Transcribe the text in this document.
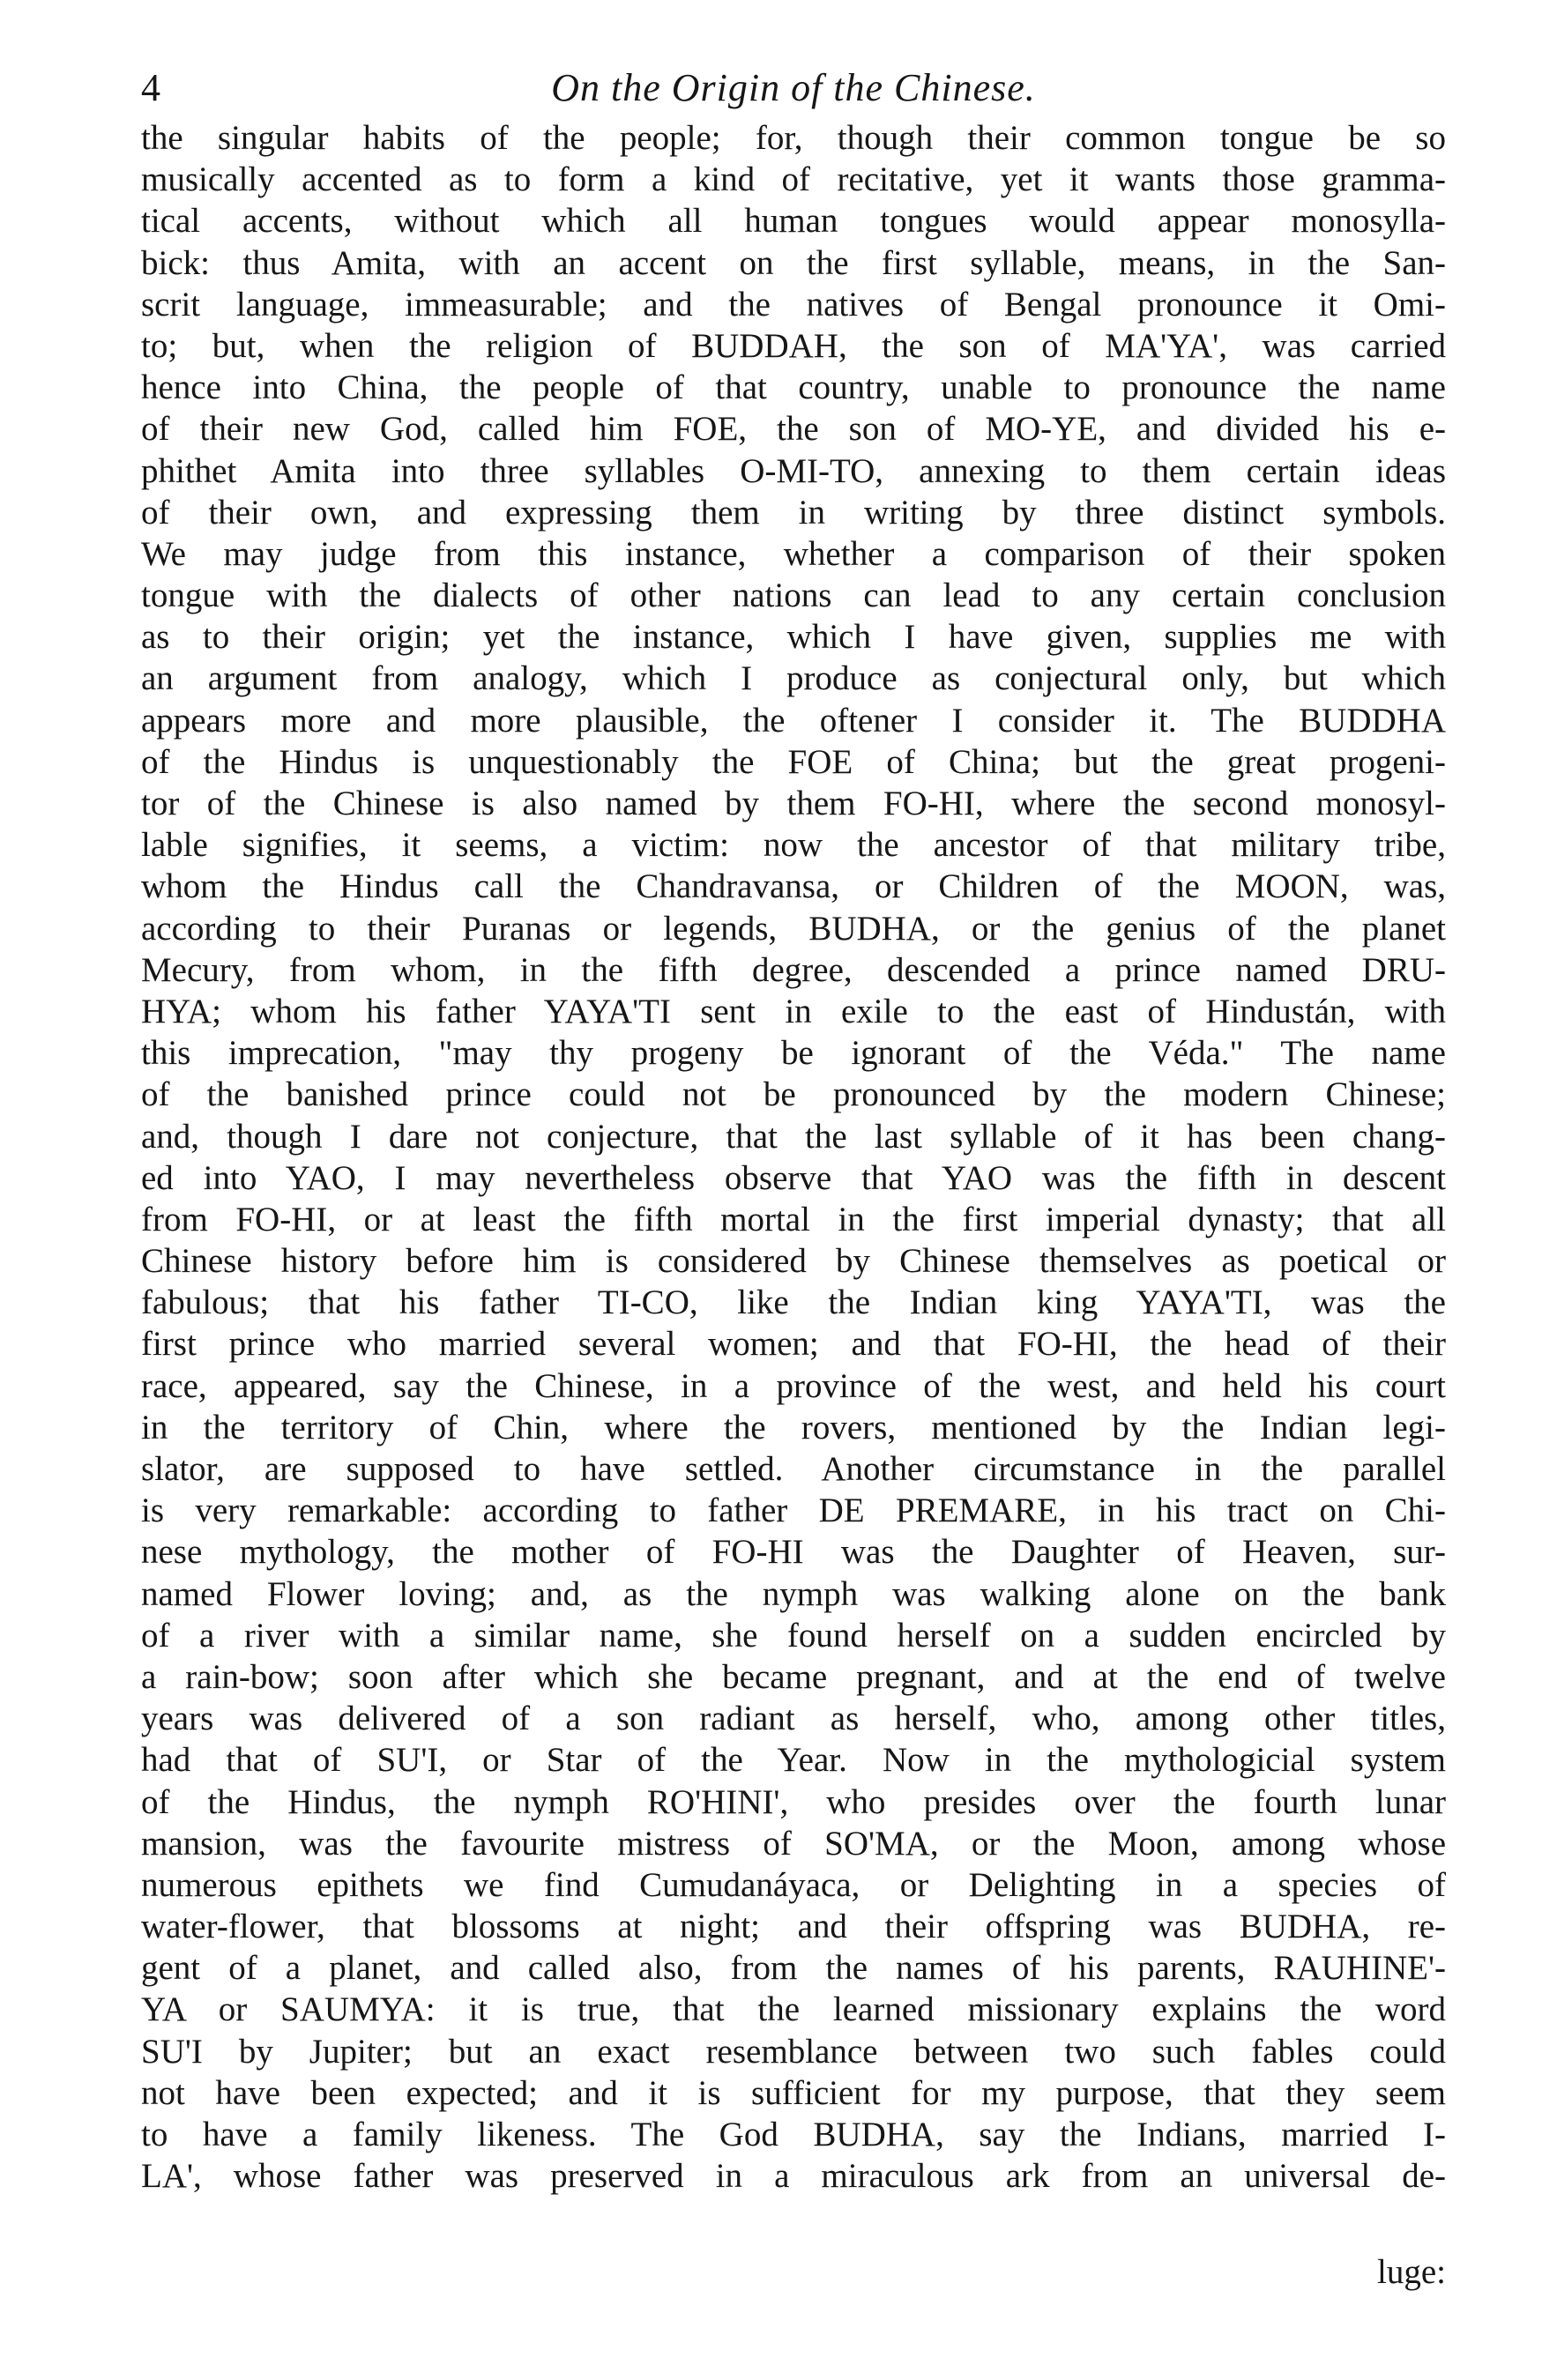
4	On the Origin of the Chinese.
the singular habits of the people; for, though their common tongue be so
musically accented as to form a kind of recitative, yet it wants those gramma-
tical accents, without which all human tongues would appear monosylla-
bick: thus Amita, with an accent on the first syllable, means, in the San-
scrit language, immeasurable; and the natives of Bengal pronounce it Omi-
to; but, when the religion of BUDDAH, the son of MA'YA', was carried
hence into China, the people of that country, unable to pronounce the name
of their new God, called him FOE, the son of MO-YE, and divided his e-
phithet Amita into three syllables O-MI-TO, annexing to them certain ideas
of their own, and expressing them in writing by three distinct symbols.
We may judge from this instance, whether a comparison of their spoken
tongue with the dialects of other nations can lead to any certain conclusion
as to their origin; yet the instance, which I have given, supplies me with
an argument from analogy, which I produce as conjectural only, but which
appears more and more plausible, the oftener I consider it. The BUDDHA
of the Hindus is unquestionably the FOE of China; but the great progeni-
tor of the Chinese is also named by them FO-HI, where the second monosyl-
lable signifies, it seems, a victim: now the ancestor of that military tribe,
whom the Hindus call the Chandravansa, or Children of the MOON, was,
according to their Puranas or legends, BUDHA, or the genius of the planet
Mecury, from whom, in the fifth degree, descended a prince named DRU-
HYA; whom his father YAYA'TI sent in exile to the east of Hindustán, with
this imprecation, "may thy progeny be ignorant of the Véda." The name
of the banished prince could not be pronounced by the modern Chinese;
and, though I dare not conjecture, that the last syllable of it has been chang-
ed into YAO, I may nevertheless observe that YAO was the fifth in descent
from FO-HI, or at least the fifth mortal in the first imperial dynasty; that all
Chinese history before him is considered by Chinese themselves as poetical or
fabulous; that his father TI-CO, like the Indian king YAYA'TI, was the
first prince who married several women; and that FO-HI, the head of their
race, appeared, say the Chinese, in a province of the west, and held his court
in the territory of Chin, where the rovers, mentioned by the Indian legi-
slator, are supposed to have settled. Another circumstance in the parallel
is very remarkable: according to father DE PREMARE, in his tract on Chi-
nese mythology, the mother of FO-HI was the Daughter of Heaven, sur-
named Flower loving; and, as the nymph was walking alone on the bank
of a river with a similar name, she found herself on a sudden encircled by
a rain-bow; soon after which she became pregnant, and at the end of twelve
years was delivered of a son radiant as herself, who, among other titles,
had that of SU'I, or Star of the Year. Now in the mythologicial system
of the Hindus, the nymph RO'HINI', who presides over the fourth lunar
mansion, was the favourite mistress of SO'MA, or the Moon, among whose
numerous epithets we find Cumudanáyaca, or Delighting in a species of
water-flower, that blossoms at night; and their offspring was BUDHA, re-
gent of a planet, and called also, from the names of his parents, RAUHINE'-
YA or SAUMYA: it is true, that the learned missionary explains the word
SU'I by Jupiter; but an exact resemblance between two such fables could
not have been expected; and it is sufficient for my purpose, that they seem
to have a family likeness. The God BUDHA, say the Indians, married I-
LA', whose father was preserved in a miraculous ark from an universal de-
luge:
